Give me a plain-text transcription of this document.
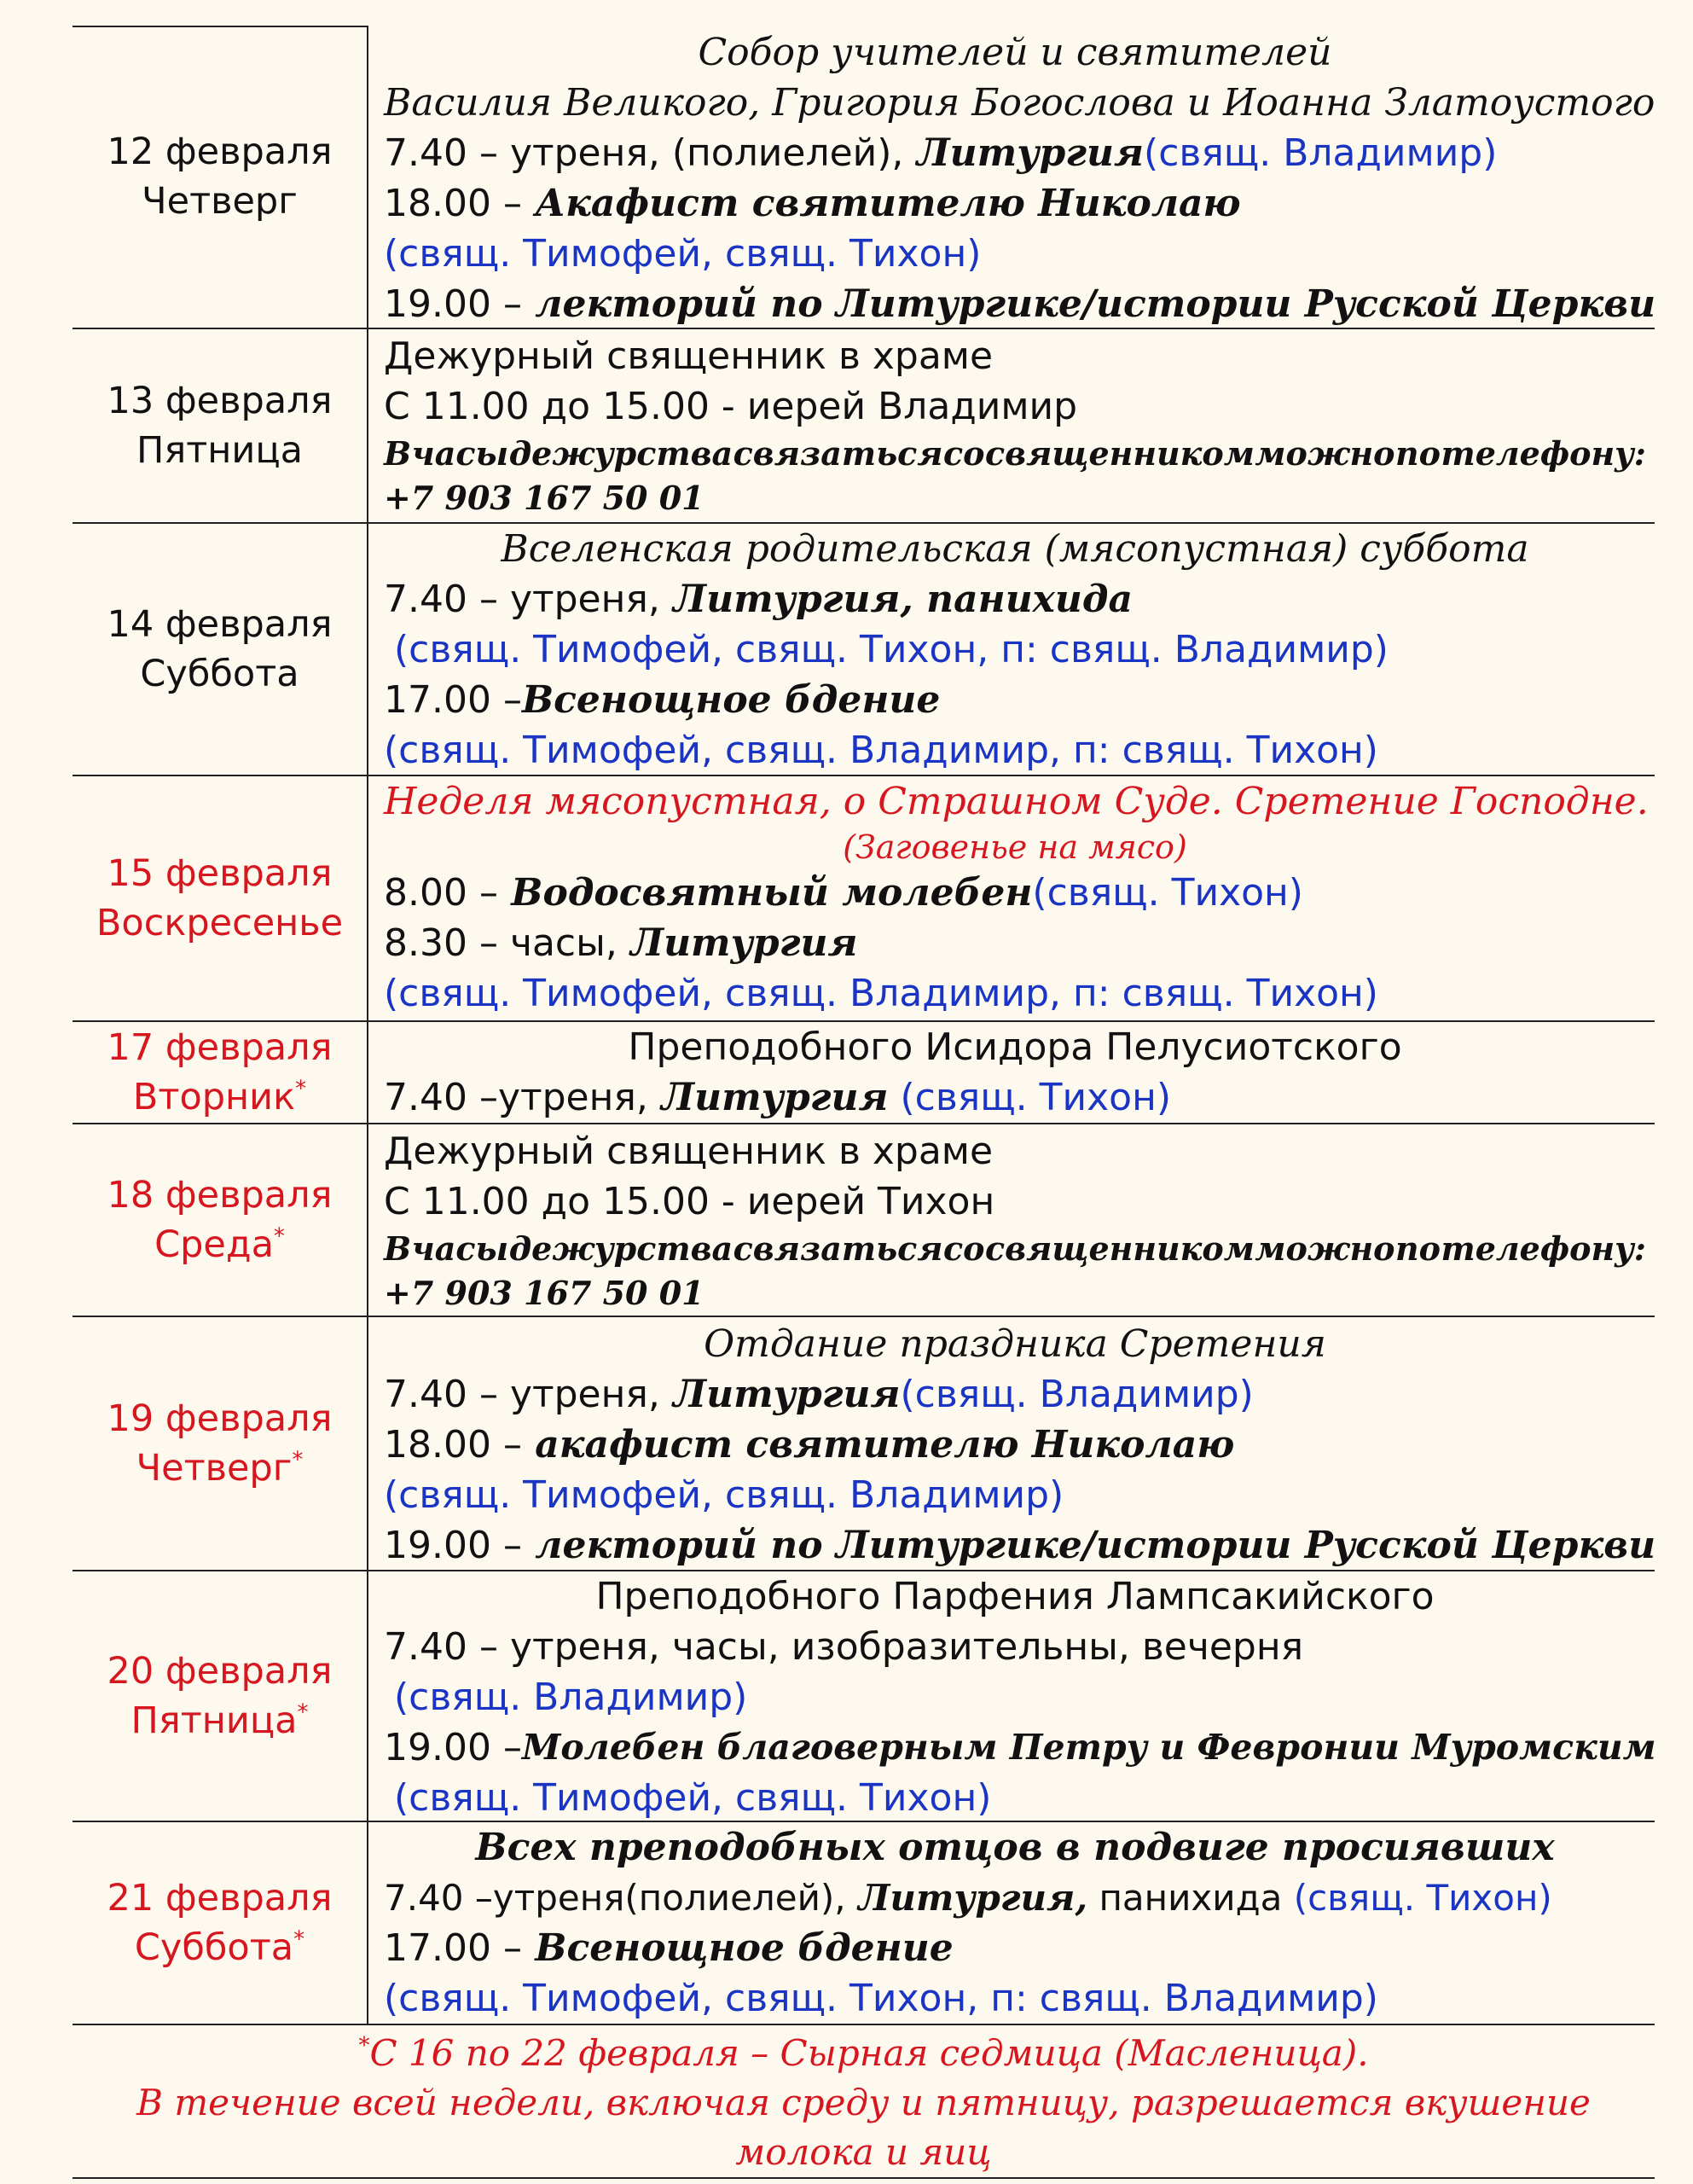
12 февраля
Четверг
Собор учителей и святителей
Василия Великого, Григория Богослова и Иоанна Златоустого
7.40 – утреня, (полиелей), Литургия(свящ. Владимир)
18.00 – Акафист святителю Николаю
(свящ. Тимофей, свящ. Тихон)
19.00 – лекторий по Литургике/истории Русской Церкви
13 февраля
Пятница
Дежурный священник в храме
С 11.00 до 15.00 - иерей Владимир
В часы дежурства связаться со священником можно по телефону:
+7 903 167 50 01
14 февраля
Суббота
Вселенская родительская (мясопустная) суббота
7.40 – утреня, Литургия, панихида
(свящ. Тимофей, свящ. Тихон, п: свящ. Владимир)
17.00 –Всенощное бдение
(свящ. Тимофей, свящ. Владимир, п: свящ. Тихон)
15 февраля
Воскресенье
Неделя мясопустная, о Страшном Суде. Сретение Господне.
(Заговенье на мясо)
8.00 – Водосвятный молебен(свящ. Тихон)
8.30 – часы, Литургия
(свящ. Тимофей, свящ. Владимир, п: свящ. Тихон)
17 февраля
Вторник*
Преподобного Исидора Пелусиотского
7.40 –утреня, Литургия (свящ. Тихон)
18 февраля
Среда*
Дежурный священник в храме
С 11.00 до 15.00 - иерей Тихон
В часы дежурства связаться со священником можно по телефону:
+7 903 167 50 01
19 февраля
Четверг*
Отдание праздника Сретения
7.40 – утреня, Литургия(свящ. Владимир)
18.00 – акафист святителю Николаю
(свящ. Тимофей, свящ. Владимир)
19.00 – лекторий по Литургике/истории Русской Церкви
20 февраля
Пятница*
Преподобного Парфения Лампсакийского
7.40 – утреня, часы, изобразительны, вечерня
(свящ. Владимир)
19.00 – Молебен благоверным Петру и Февронии Муромским
(свящ. Тимофей, свящ. Тихон)
21 февраля
Суббота*
Всех преподобных отцов в подвиге просиявших
7.40 –утреня(полиелей), Литургия, панихида (свящ. Тихон)
17.00 – Всенощное бдение
(свящ. Тимофей, свящ. Тихон, п: свящ. Владимир)
*С 16 по 22 февраля – Сырная седмица (Масленица).
В течение всей недели, включая среду и пятницу, разрешается вкушение
молока и яиц
